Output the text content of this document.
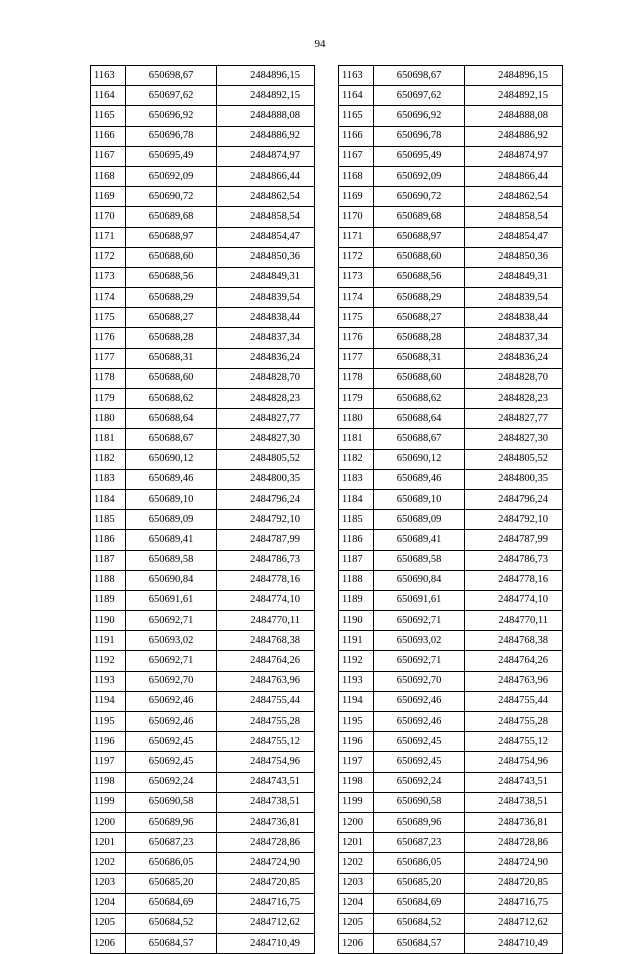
94
1163	650698,67	2484896,15
1164	650697,62	2484892,15
1165	650696,92	2484888,08
1166	650696,78	2484886,92
1167	650695,49	2484874,97
1168	650692,09	2484866,44
1169	650690,72	2484862,54
1170	650689,68	2484858,54
1171	650688,97	2484854,47
1172	650688,60	2484850,36
1173	650688,56	2484849,31
1174	650688,29	2484839,54
1175	650688,27	2484838,44
1176	650688,28	2484837,34
1177	650688,31	2484836,24
1178	650688,60	2484828,70
1179	650688,62	2484828,23
1180	650688,64	2484827,77
1181	650688,67	2484827,30
1182	650690,12	2484805,52
1183	650689,46	2484800,35
1184	650689,10	2484796,24
1185	650689,09	2484792,10
1186	650689,41	2484787,99
1187	650689,58	2484786,73
1188	650690,84	2484778,16
1189	650691,61	2484774,10
1190	650692,71	2484770,11
1191	650693,02	2484768,38
1192	650692,71	2484764,26
1193	650692,70	2484763,96
1194	650692,46	2484755,44
1195	650692,46	2484755,28
1196	650692,45	2484755,12
1197	650692,45	2484754,96
1198	650692,24	2484743,51
1199	650690,58	2484738,51
1200	650689,96	2484736,81
1201	650687,23	2484728,86
1202	650686,05	2484724,90
1203	650685,20	2484720,85
1204	650684,69	2484716,75
1205	650684,52	2484712,62
1206	650684,57	2484710,49
1163	650698,67	2484896,15
1164	650697,62	2484892,15
1165	650696,92	2484888,08
1166	650696,78	2484886,92
1167	650695,49	2484874,97
1168	650692,09	2484866,44
1169	650690,72	2484862,54
1170	650689,68	2484858,54
1171	650688,97	2484854,47
1172	650688,60	2484850,36
1173	650688,56	2484849,31
1174	650688,29	2484839,54
1175	650688,27	2484838,44
1176	650688,28	2484837,34
1177	650688,31	2484836,24
1178	650688,60	2484828,70
1179	650688,62	2484828,23
1180	650688,64	2484827,77
1181	650688,67	2484827,30
1182	650690,12	2484805,52
1183	650689,46	2484800,35
1184	650689,10	2484796,24
1185	650689,09	2484792,10
1186	650689,41	2484787,99
1187	650689,58	2484786,73
1188	650690,84	2484778,16
1189	650691,61	2484774,10
1190	650692,71	2484770,11
1191	650693,02	2484768,38
1192	650692,71	2484764,26
1193	650692,70	2484763,96
1194	650692,46	2484755,44
1195	650692,46	2484755,28
1196	650692,45	2484755,12
1197	650692,45	2484754,96
1198	650692,24	2484743,51
1199	650690,58	2484738,51
1200	650689,96	2484736,81
1201	650687,23	2484728,86
1202	650686,05	2484724,90
1203	650685,20	2484720,85
1204	650684,69	2484716,75
1205	650684,52	2484712,62
1206	650684,57	2484710,49
